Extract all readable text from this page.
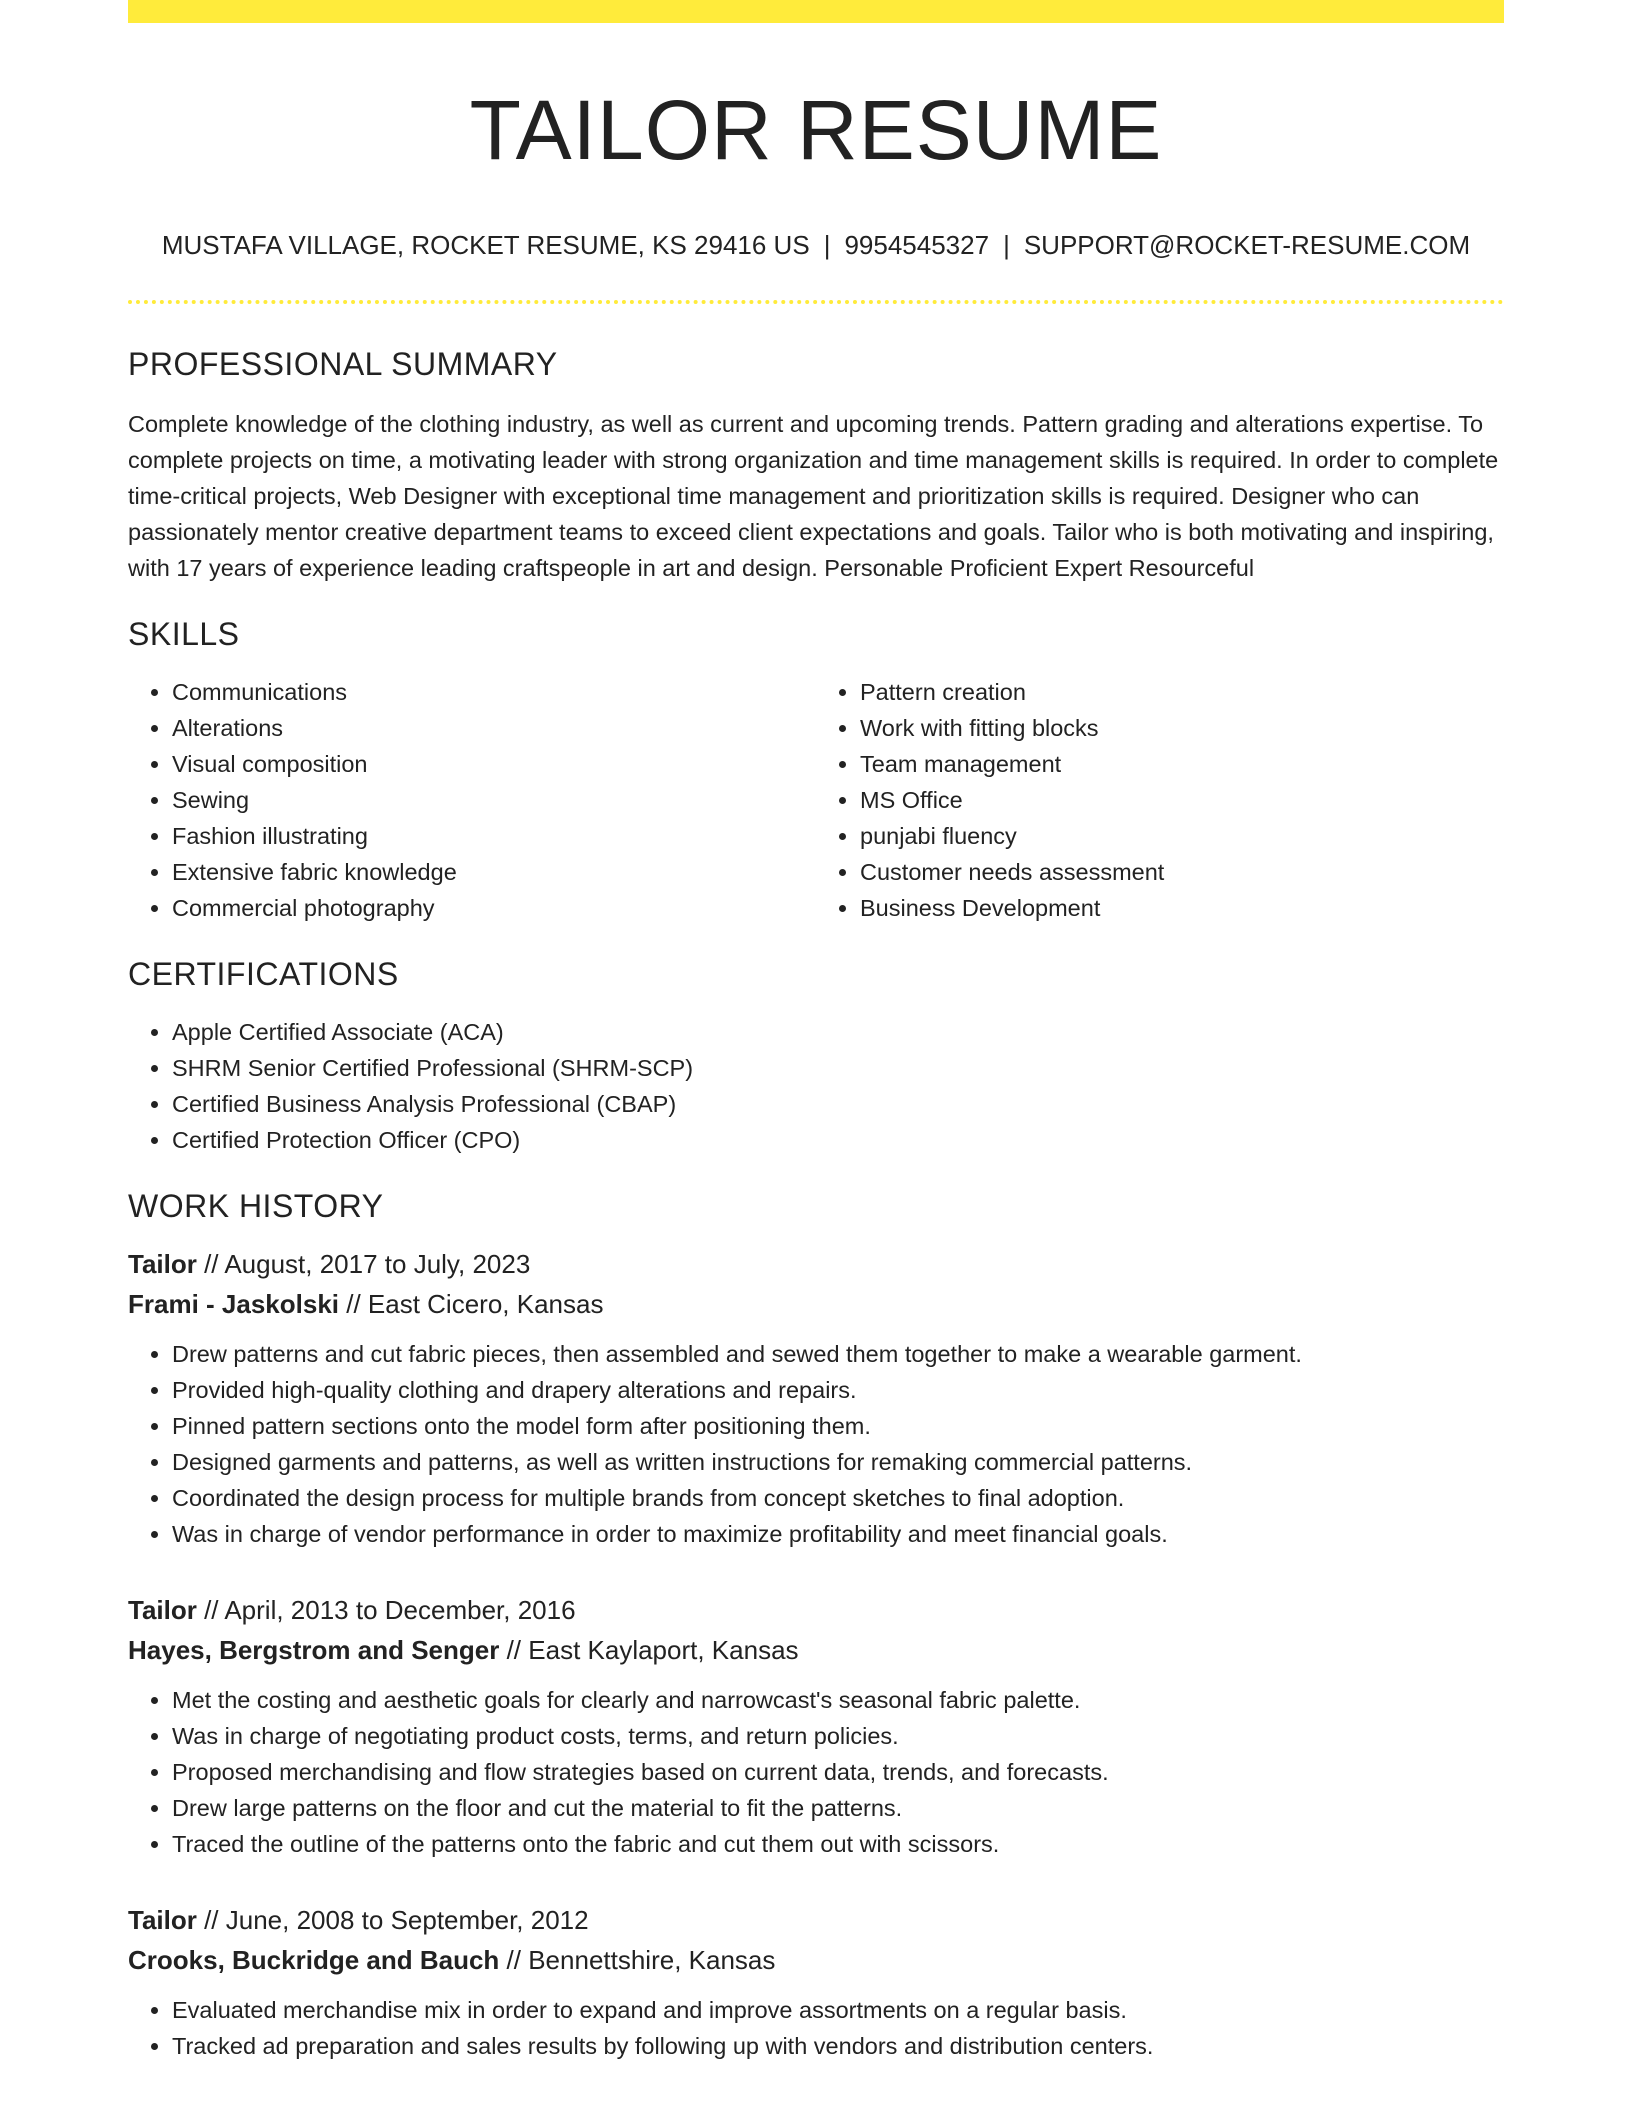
TAILOR RESUME
MUSTAFA VILLAGE, ROCKET RESUME, KS 29416 US | 9954545327 | SUPPORT@ROCKET-RESUME.COM
PROFESSIONAL SUMMARY
Complete knowledge of the clothing industry, as well as current and upcoming trends. Pattern grading and alterations expertise. To complete projects on time, a motivating leader with strong organization and time management skills is required. In order to complete time-critical projects, Web Designer with exceptional time management and prioritization skills is required. Designer who can passionately mentor creative department teams to exceed client expectations and goals. Tailor who is both motivating and inspiring, with 17 years of experience leading craftspeople in art and design. Personable Proficient Expert Resourceful
SKILLS
• Communications
• Alterations
• Visual composition
• Sewing
• Fashion illustrating
• Extensive fabric knowledge
• Commercial photography
• Pattern creation
• Work with fitting blocks
• Team management
• MS Office
• punjabi fluency
• Customer needs assessment
• Business Development
CERTIFICATIONS
• Apple Certified Associate (ACA)
• SHRM Senior Certified Professional (SHRM-SCP)
• Certified Business Analysis Professional (CBAP)
• Certified Protection Officer (CPO)
WORK HISTORY
Tailor // August, 2017 to July, 2023
Frami - Jaskolski // East Cicero, Kansas
• Drew patterns and cut fabric pieces, then assembled and sewed them together to make a wearable garment.
• Provided high-quality clothing and drapery alterations and repairs.
• Pinned pattern sections onto the model form after positioning them.
• Designed garments and patterns, as well as written instructions for remaking commercial patterns.
• Coordinated the design process for multiple brands from concept sketches to final adoption.
• Was in charge of vendor performance in order to maximize profitability and meet financial goals.
Tailor // April, 2013 to December, 2016
Hayes, Bergstrom and Senger // East Kaylaport, Kansas
• Met the costing and aesthetic goals for clearly and narrowcast's seasonal fabric palette.
• Was in charge of negotiating product costs, terms, and return policies.
• Proposed merchandising and flow strategies based on current data, trends, and forecasts.
• Drew large patterns on the floor and cut the material to fit the patterns.
• Traced the outline of the patterns onto the fabric and cut them out with scissors.
Tailor // June, 2008 to September, 2012
Crooks, Buckridge and Bauch // Bennettshire, Kansas
• Evaluated merchandise mix in order to expand and improve assortments on a regular basis.
• Tracked ad preparation and sales results by following up with vendors and distribution centers.
